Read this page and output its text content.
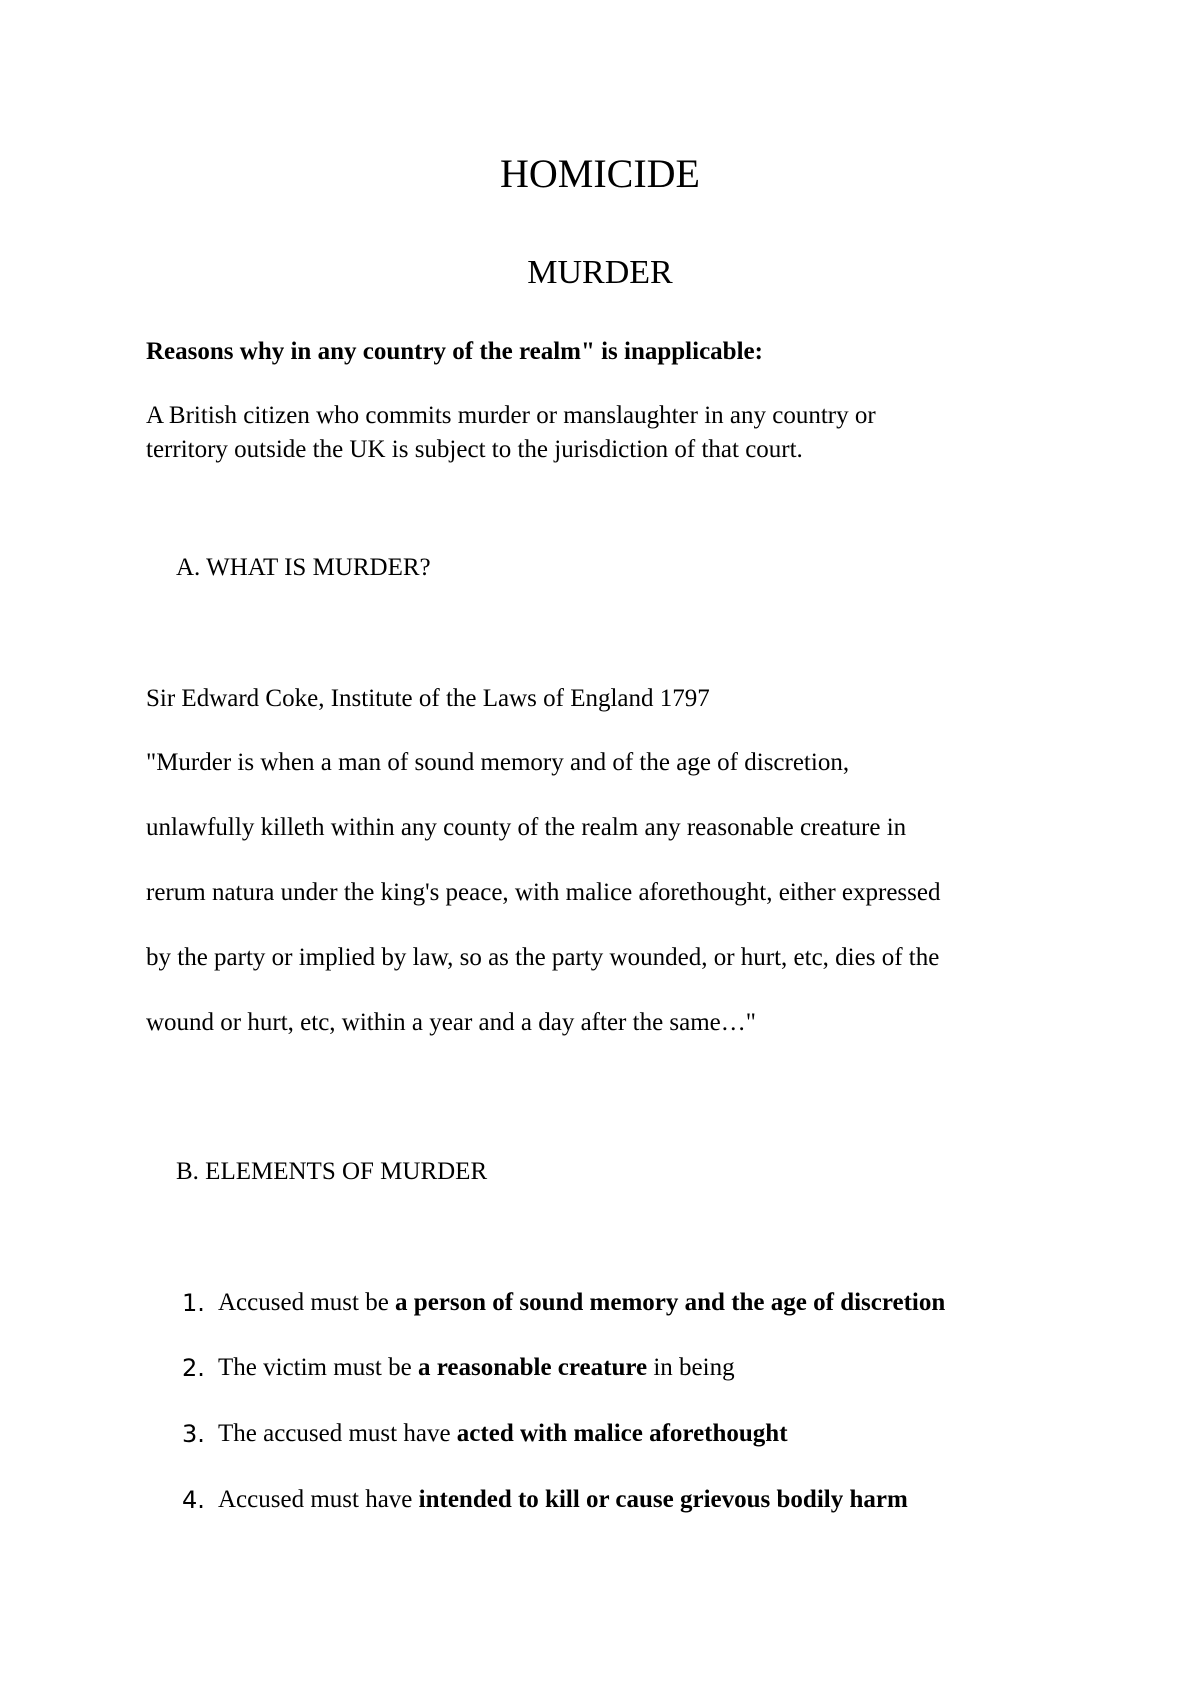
HOMICIDE
MURDER
Reasons why in any country of the realm" is inapplicable:
A British citizen who commits murder or manslaughter in any country or
territory outside the UK is subject to the jurisdiction of that court.
A. WHAT IS MURDER?
Sir Edward Coke, Institute of the Laws of England 1797
"Murder is when a man of sound memory and of the age of discretion,
unlawfully killeth within any county of the realm any reasonable creature in
rerum natura under the king's peace, with malice aforethought, either expressed
by the party or implied by law, so as the party wounded, or hurt, etc, dies of the
wound or hurt, etc, within a year and a day after the same…"
B. ELEMENTS OF MURDER
1. Accused must be a person of sound memory and the age of discretion
2. The victim must be a reasonable creature in being
3. The accused must have acted with malice aforethought
4. Accused must have intended to kill or cause grievous bodily harm
